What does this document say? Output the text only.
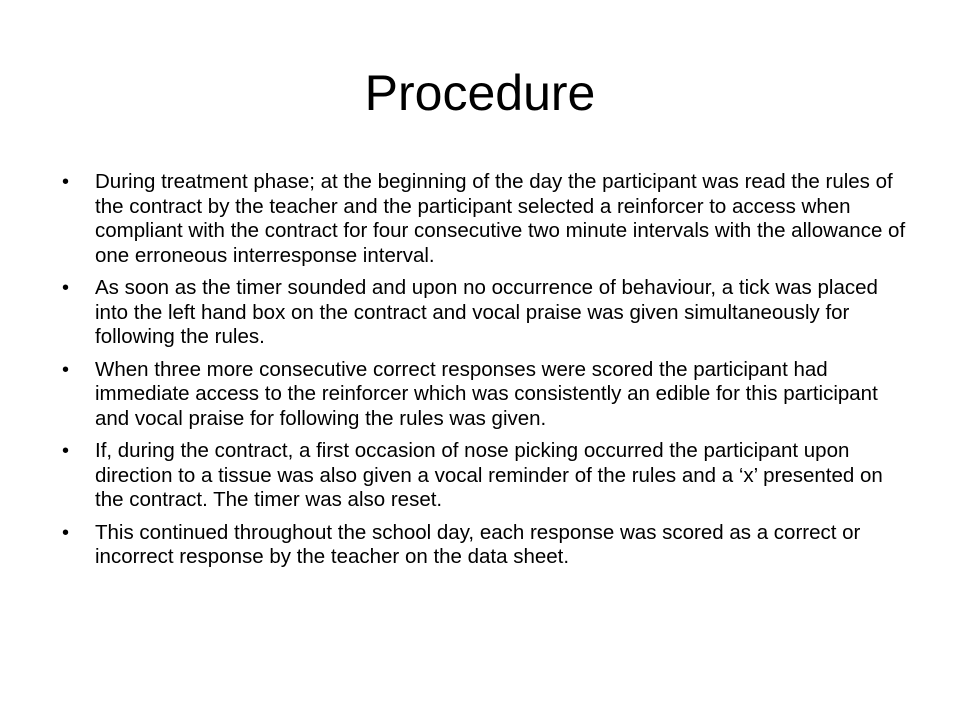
Procedure
• During treatment phase; at the beginning of the day the participant was read the rules of the contract by the teacher and the participant selected a reinforcer to access when compliant with the contract for four consecutive two minute intervals with the allowance of one erroneous interresponse interval.
• As soon as the timer sounded and upon no occurrence of behaviour, a tick was placed into the left hand box on the contract and vocal praise was given simultaneously for following the rules.
• When three more consecutive correct responses were scored the participant had immediate access to the reinforcer which was consistently an edible for this participant and vocal praise for following the rules was given.
• If, during the contract, a first occasion of nose picking occurred the participant upon direction to a tissue was also given a vocal reminder of the rules and a ‘x’ presented on the contract. The timer was also reset.
• This continued throughout the school day, each response was scored as a correct or incorrect response by the teacher on the data sheet.
